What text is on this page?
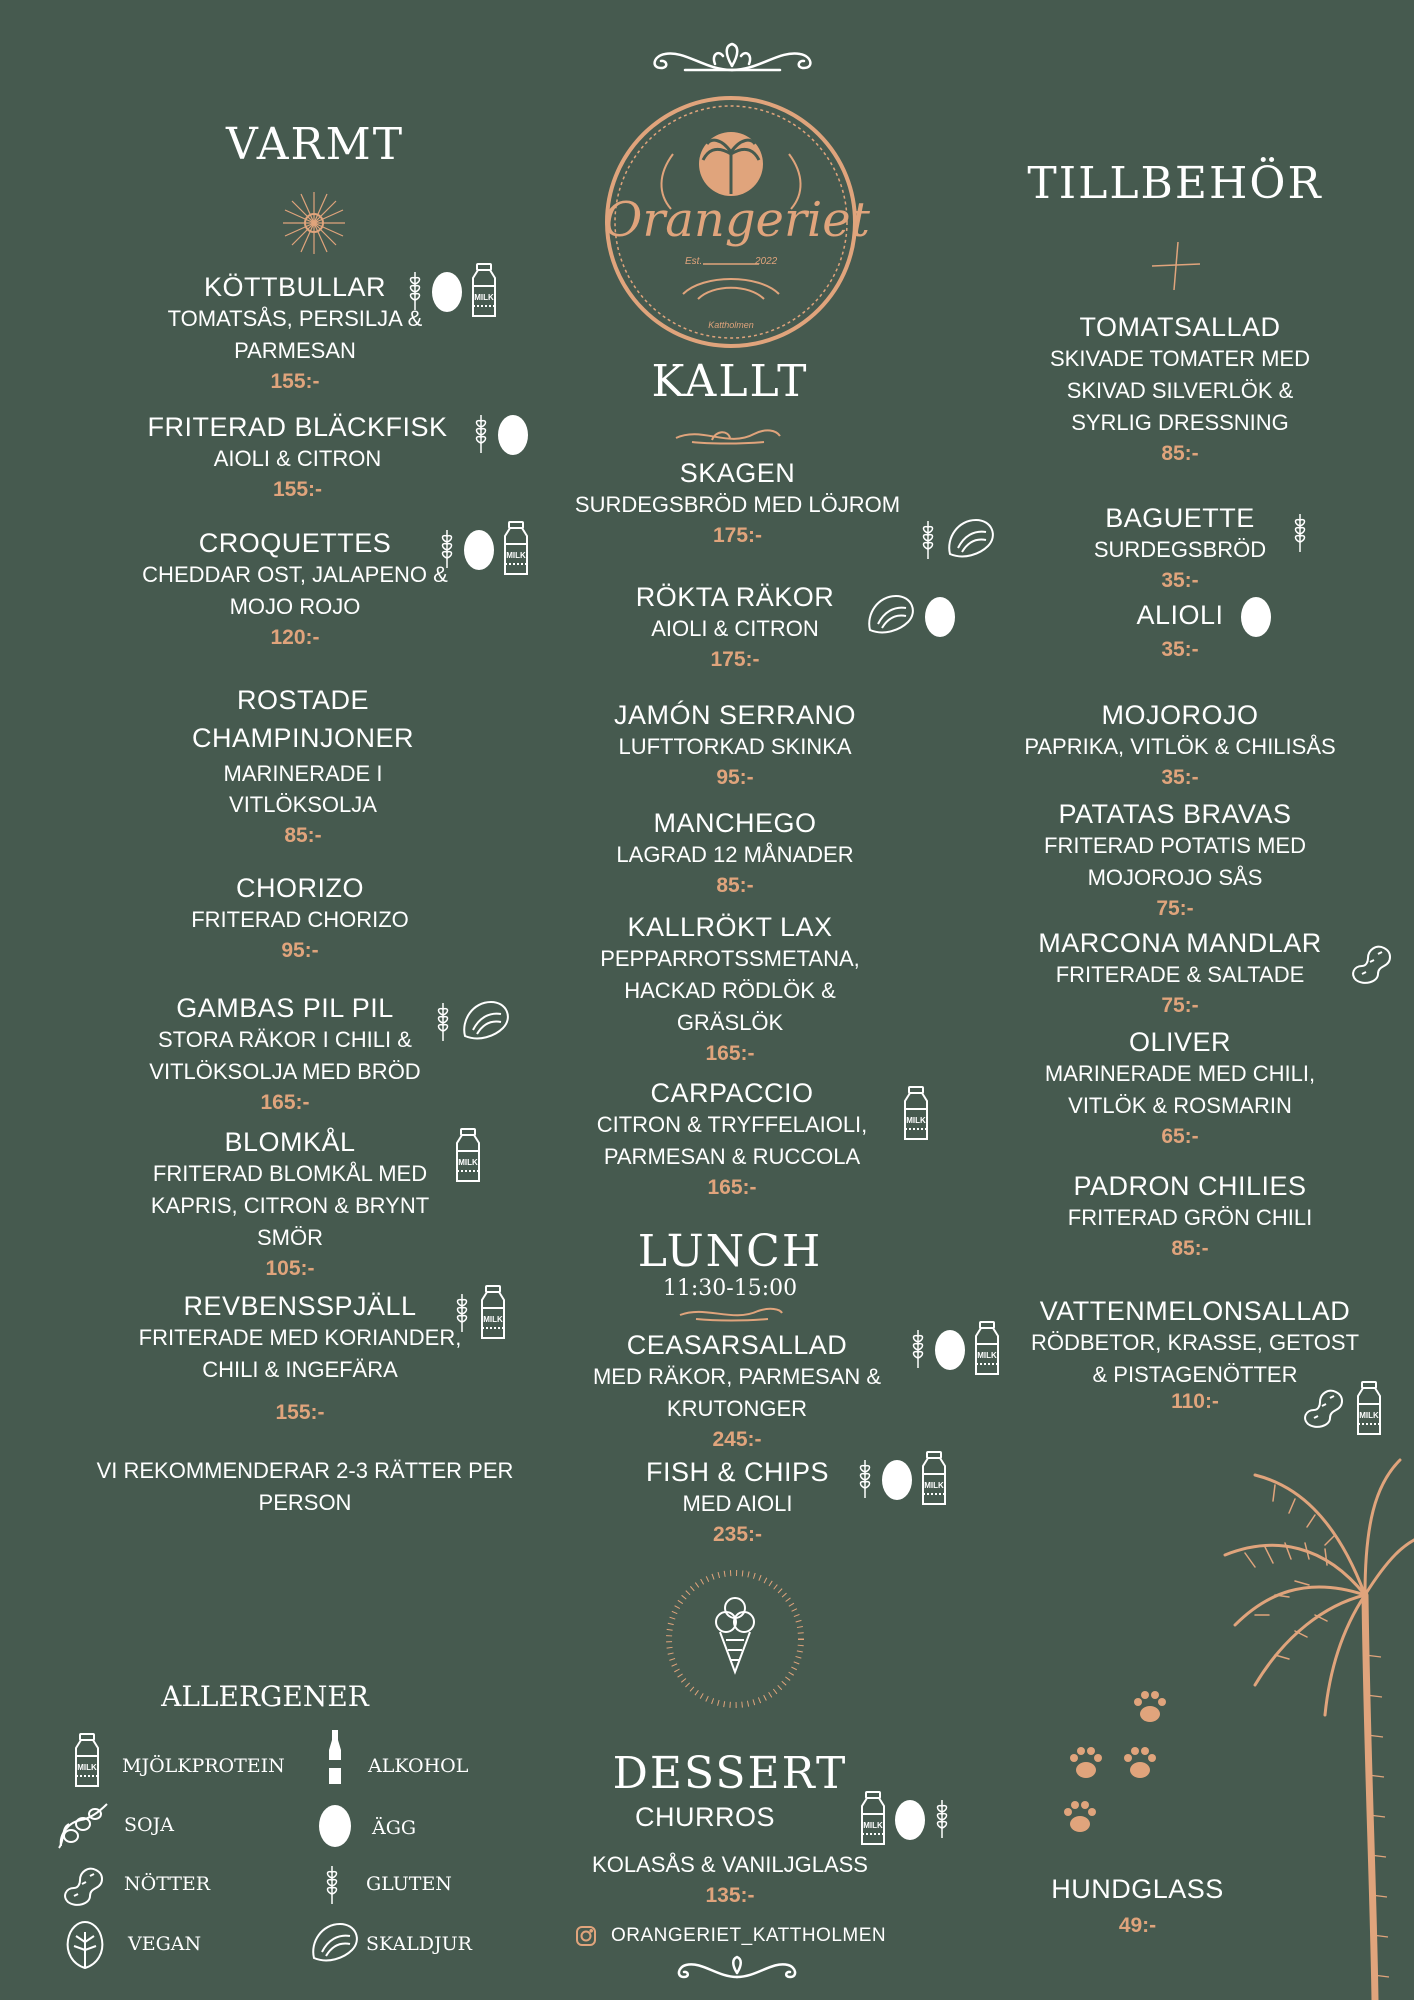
Orangeriet
Est.	2022
Kattholmen
VARMT
KÖTTBULLAR
TOMATSÅS, PERSILJA & PARMESAN
155:-
MILK
FRITERAD BLÄCKFISK
AIOLI & CITRON
155:-
CROQUETTES
CHEDDAR OST, JALAPENO & MOJO ROJO
120:-
MILK
ROSTADE CHAMPINJONER
MARINERADE I VITLÖKSOLJA
85:-
CHORIZO
FRITERAD CHORIZO
95:-
GAMBAS PIL PIL
STORA RÄKOR I CHILI & VITLÖKSOLJA MED BRÖD
165:-
BLOMKÅL
FRITERAD BLOMKÅL MED KAPRIS, CITRON & BRYNT SMÖR
105:-
MILK
REVBENSSPJÄLL
FRITERADE MED KORIANDER, CHILI & INGEFÄRA
155:-
MILK
VI REKOMMENDERAR 2-3 RÄTTER PER PERSON
KALLT
SKAGEN
SURDEGSBRÖD MED LÖJROM
175:-
RÖKTA RÄKOR
AIOLI & CITRON
175:-
JAMÓN SERRANO
LUFTTORKAD SKINKA
95:-
MANCHEGO
LAGRAD 12 MÅNADER
85:-
KALLRÖKT LAX
PEPPARROTSSMETANA, HACKAD RÖDLÖK & GRÄSLÖK
165:-
CARPACCIO
CITRON & TRYFFELAIOLI, PARMESAN & RUCCOLA
165:-
MILK
LUNCH
11:30-15:00
CEASARSALLAD
MED RÄKOR, PARMESAN & KRUTONGER
245:-
MILK
FISH & CHIPS
MED AIOLI
235:-
MILK
DESSERT
CHURROS
KOLASÅS & VANILJGLASS
135:-
MILK
ORANGERIET_KATTHOLMEN
TILLBEHÖR
TOMATSALLAD
SKIVADE TOMATER MED SKIVAD SILVERLÖK & SYRLIG DRESSNING
85:-
BAGUETTE
SURDEGSBRÖD
35:-
ALIOLI
35:-
MOJOROJO
PAPRIKA, VITLÖK & CHILISÅS
35:-
PATATAS BRAVAS
FRITERAD POTATIS MED MOJOROJO SÅS
75:-
MARCONA MANDLAR
FRITERADE & SALTADE
75:-
OLIVER
MARINERADE MED CHILI, VITLÖK & ROSMARIN
65:-
PADRON CHILIES
FRITERAD GRÖN CHILI
85:-
VATTENMELONSALLAD
RÖDBETOR, KRASSE, GETOST & PISTAGENÖTTER
110:-
MILK
HUNDGLASS
49:-
ALLERGENER
MILK MJÖLKPROTEIN	ALKOHOL
SOJA	ÄGG
NÖTTER	GLUTEN
VEGAN	SKALDJUR
